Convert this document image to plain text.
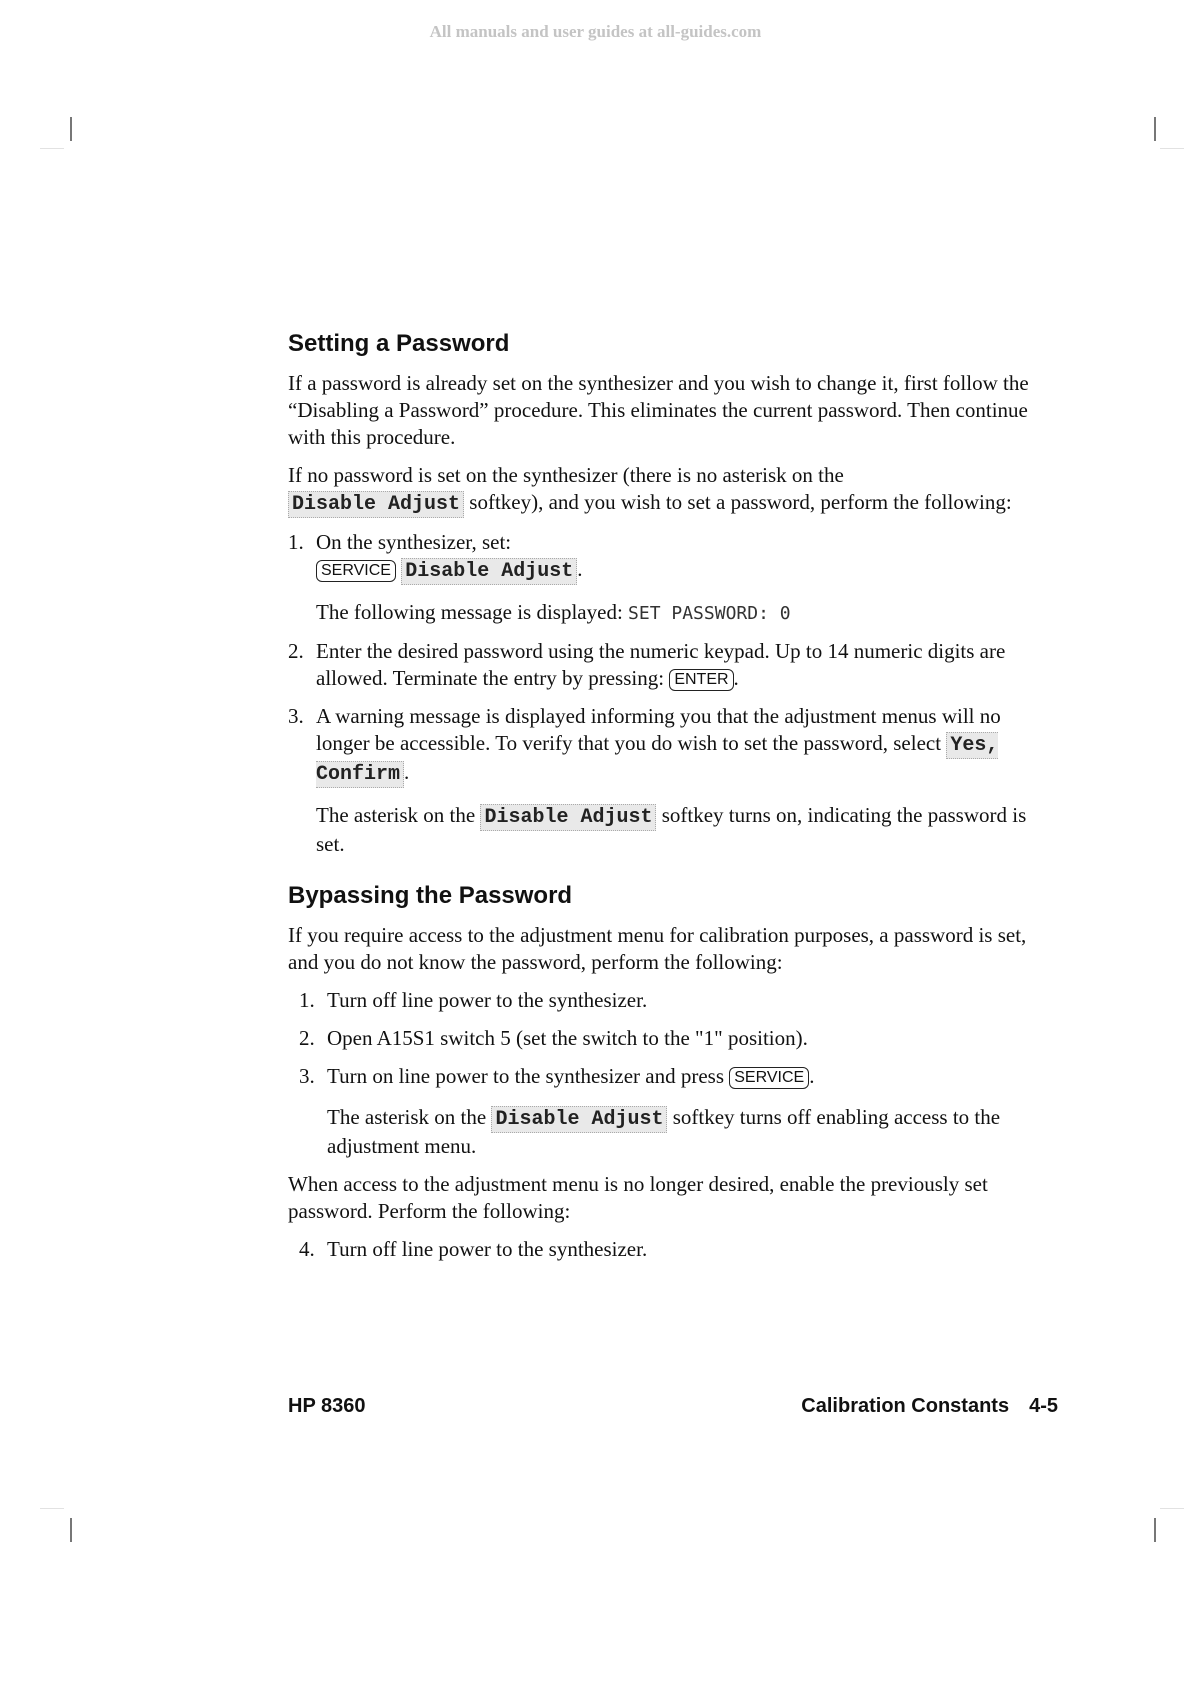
All manuals and user guides at all-guides.com
Setting a Password

If a password is already set on the synthesizer and you wish to change it, first follow the “Disabling a Password” procedure. This eliminates the current password. Then continue with this procedure.

If no password is set on the synthesizer (there is no asterisk on the
Disable Adjust softkey), and you wish to set a password, perform the following:

1. On the synthesizer, set:
SERVICE Disable Adjust .

The following message is displayed: SET PASSWORD: 0

2. Enter the desired password using the numeric keypad. Up to 14 numeric digits are allowed. Terminate the entry by pressing: ENTER .
3. A warning message is displayed informing you that the adjustment menus will no longer be accessible. To verify that you do wish to set the password, select Yes, Confirm .

The asterisk on the Disable Adjust softkey turns on, indicating the password is set.

Bypassing the Password

If you require access to the adjustment menu for calibration purposes, a password is set, and you do not know the password, perform the following:

1. Turn off line power to the synthesizer.
2. Open A15S1 switch 5 (set the switch to the "1" position).
3. Turn on line power to the synthesizer and press SERVICE .

The asterisk on the Disable Adjust softkey turns off enabling access to the adjustment menu.

When access to the adjustment menu is no longer desired, enable the previously set password. Perform the following:

4. Turn off line power to the synthesizer.
HP 8360	Calibration Constants 4-5
